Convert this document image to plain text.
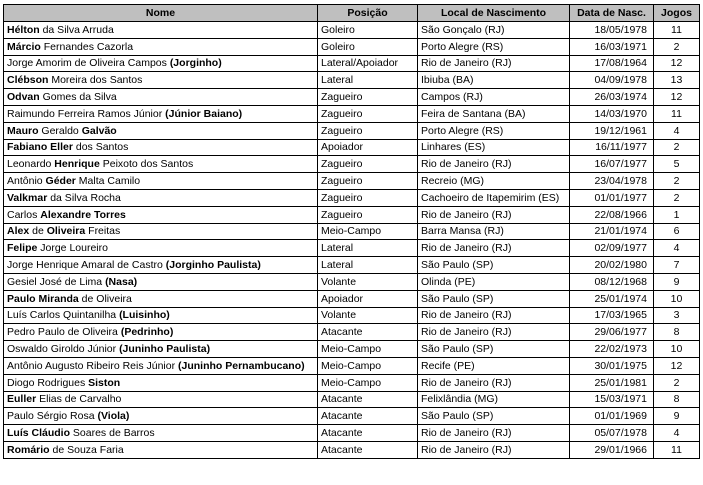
Nome	Posição	Local de Nascimento	Data de Nasc.	Jogos
Hélton da Silva Arruda	Goleiro	São Gonçalo (RJ)	18/05/1978	11
Márcio Fernandes Cazorla	Goleiro	Porto Alegre (RS)	16/03/1971	2
Jorge Amorim de Oliveira Campos (Jorginho)	Lateral/Apoiador	Rio de Janeiro (RJ)	17/08/1964	12
Clébson Moreira dos Santos	Lateral	Ibiuba (BA)	04/09/1978	13
Odvan Gomes da Silva	Zagueiro	Campos (RJ)	26/03/1974	12
Raimundo Ferreira Ramos Júnior (Júnior Baiano)	Zagueiro	Feira de Santana (BA)	14/03/1970	11
Mauro Geraldo Galvão	Zagueiro	Porto Alegre (RS)	19/12/1961	4
Fabiano Eller dos Santos	Apoiador	Linhares (ES)	16/11/1977	2
Leonardo Henrique Peixoto dos Santos	Zagueiro	Rio de Janeiro (RJ)	16/07/1977	5
Antônio Géder Malta Camilo	Zagueiro	Recreio (MG)	23/04/1978	2
Valkmar da Silva Rocha	Zagueiro	Cachoeiro de Itapemirim (ES)	01/01/1977	2
Carlos Alexandre Torres	Zagueiro	Rio de Janeiro (RJ)	22/08/1966	1
Alex de Oliveira Freitas	Meio-Campo	Barra Mansa (RJ)	21/01/1974	6
Felipe Jorge Loureiro	Lateral	Rio de Janeiro (RJ)	02/09/1977	4
Jorge Henrique Amaral de Castro (Jorginho Paulista)	Lateral	São Paulo (SP)	20/02/1980	7
Gesiel José de Lima (Nasa)	Volante	Olinda (PE)	08/12/1968	9
Paulo Miranda de Oliveira	Apoiador	São Paulo (SP)	25/01/1974	10
Luís Carlos Quintanilha (Luisinho)	Volante	Rio de Janeiro (RJ)	17/03/1965	3
Pedro Paulo de Oliveira (Pedrinho)	Atacante	Rio de Janeiro (RJ)	29/06/1977	8
Oswaldo Giroldo Júnior (Juninho Paulista)	Meio-Campo	São Paulo (SP)	22/02/1973	10
Antônio Augusto Ribeiro Reis Júnior (Juninho Pernambucano)	Meio-Campo	Recife (PE)	30/01/1975	12
Diogo Rodrigues Siston	Meio-Campo	Rio de Janeiro (RJ)	25/01/1981	2
Euller Elias de Carvalho	Atacante	Felixlândia (MG)	15/03/1971	8
Paulo Sérgio Rosa (Viola)	Atacante	São Paulo (SP)	01/01/1969	9
Luís Cláudio Soares de Barros	Atacante	Rio de Janeiro (RJ)	05/07/1978	4
Romário de Souza Faria	Atacante	Rio de Janeiro (RJ)	29/01/1966	11
